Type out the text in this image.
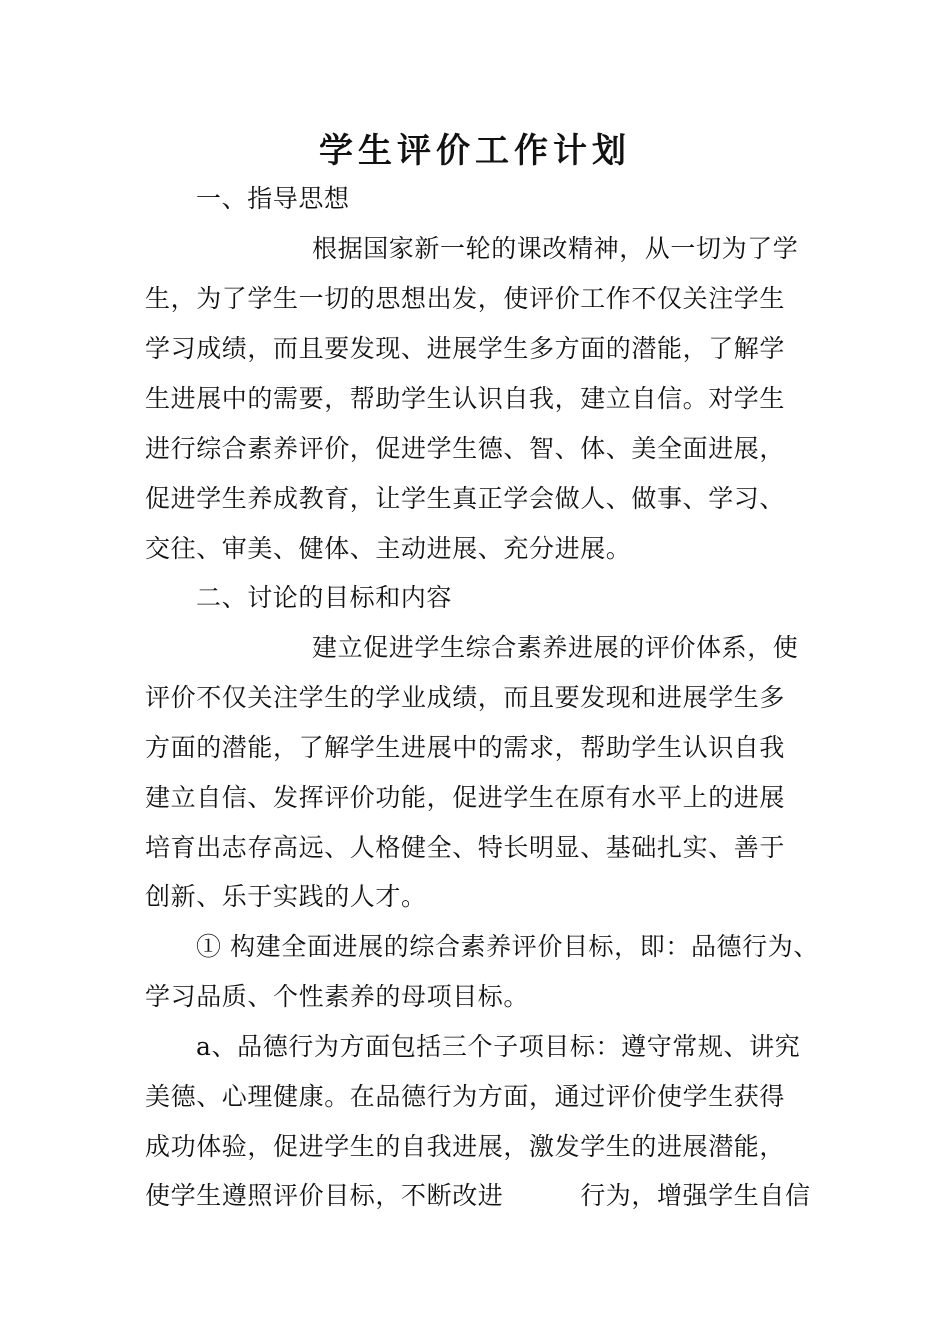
学生评价工作计划
一、指导思想
根据国家新一轮的课改精神，从一切为了学
生，为了学生一切的思想出发，使评价工作不仅关注学生
学习成绩，而且要发现、进展学生多方面的潜能，了解学
生进展中的需要，帮助学生认识自我，建立自信。对学生
进行综合素养评价，促进学生德、智、体、美全面进展，
促进学生养成教育，让学生真正学会做人、做事、学习、
交往、审美、健体、主动进展、充分进展。
二、讨论的目标和内容
建立促进学生综合素养进展的评价体系，使
评价不仅关注学生的学业成绩，而且要发现和进展学生多
方面的潜能，了解学生进展中的需求，帮助学生认识自我
建立自信、发挥评价功能，促进学生在原有水平上的进展
培育出志存高远、人格健全、特长明显、基础扎实、善于
创新、乐于实践的人才。
① 构建全面进展的综合素养评价目标，即：品德行为、
学习品质、个性素养的母项目标。
a、品德行为方面包括三个子项目标：遵守常规、讲究
美德、心理健康。在品德行为方面，通过评价使学生获得
成功体验，促进学生的自我进展，激发学生的进展潜能，
使学生遵照评价目标，不断改进　　　行为，增强学生自信
